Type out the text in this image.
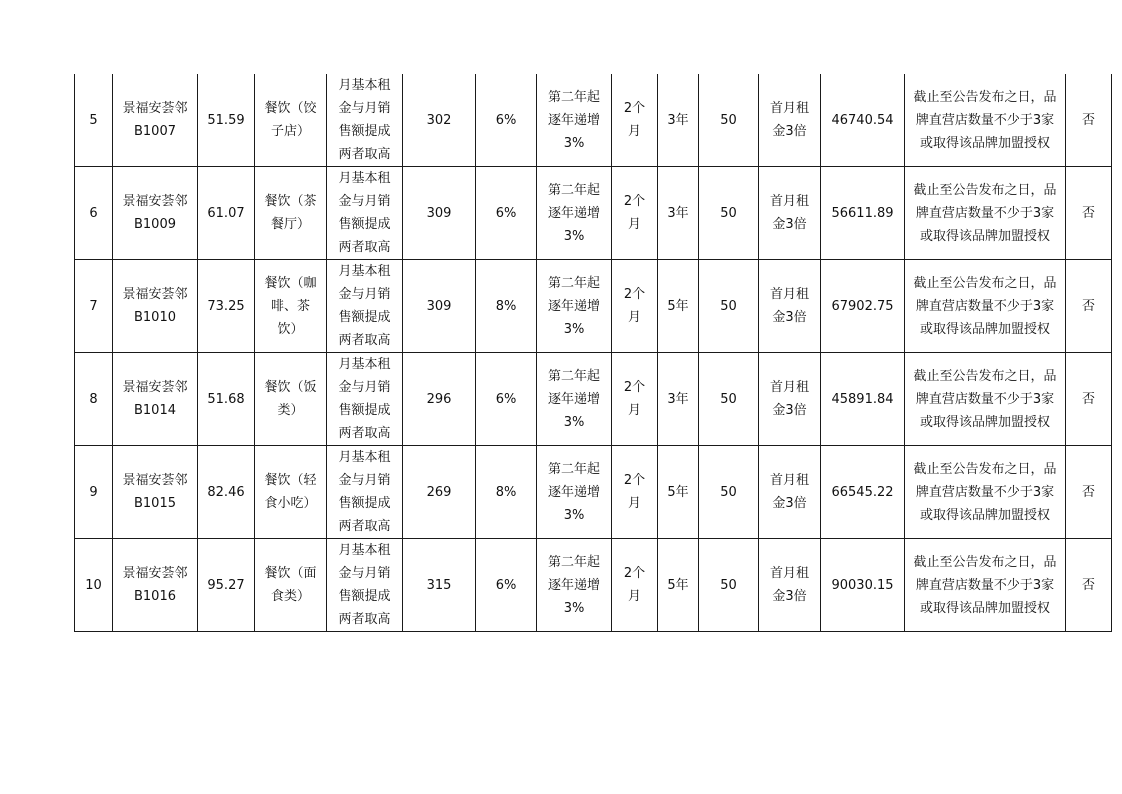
5	景福安荟邻B1007	51.59	餐饮（饺子店）	月基本租金与月销售额提成两者取高	302	6%	第二年起逐年递增3%	2个月	3年	50	首月租金3倍	46740.54	截止至公告发布之日，品牌直营店数量不少于3家或取得该品牌加盟授权	否

6	景福安荟邻B1009	61.07	餐饮（茶餐厅）	月基本租金与月销售额提成两者取高	309	6%	第二年起逐年递增3%	2个月	3年	50	首月租金3倍	56611.89	截止至公告发布之日，品牌直营店数量不少于3家或取得该品牌加盟授权	否

7	景福安荟邻B1010	73.25	餐饮（咖啡、茶饮）	月基本租金与月销售额提成两者取高	309	8%	第二年起逐年递增3%	2个月	5年	50	首月租金3倍	67902.75	截止至公告发布之日，品牌直营店数量不少于3家或取得该品牌加盟授权	否

8	景福安荟邻B1014	51.68	餐饮（饭类）	月基本租金与月销售额提成两者取高	296	6%	第二年起逐年递增3%	2个月	3年	50	首月租金3倍	45891.84	截止至公告发布之日，品牌直营店数量不少于3家或取得该品牌加盟授权	否

9	景福安荟邻B1015	82.46	餐饮（轻食小吃）	月基本租金与月销售额提成两者取高	269	8%	第二年起逐年递增3%	2个月	5年	50	首月租金3倍	66545.22	截止至公告发布之日，品牌直营店数量不少于3家或取得该品牌加盟授权	否

10	景福安荟邻B1016	95.27	餐饮（面食类）	月基本租金与月销售额提成两者取高	315	6%	第二年起逐年递增3%	2个月	5年	50	首月租金3倍	90030.15	截止至公告发布之日，品牌直营店数量不少于3家或取得该品牌加盟授权	否
